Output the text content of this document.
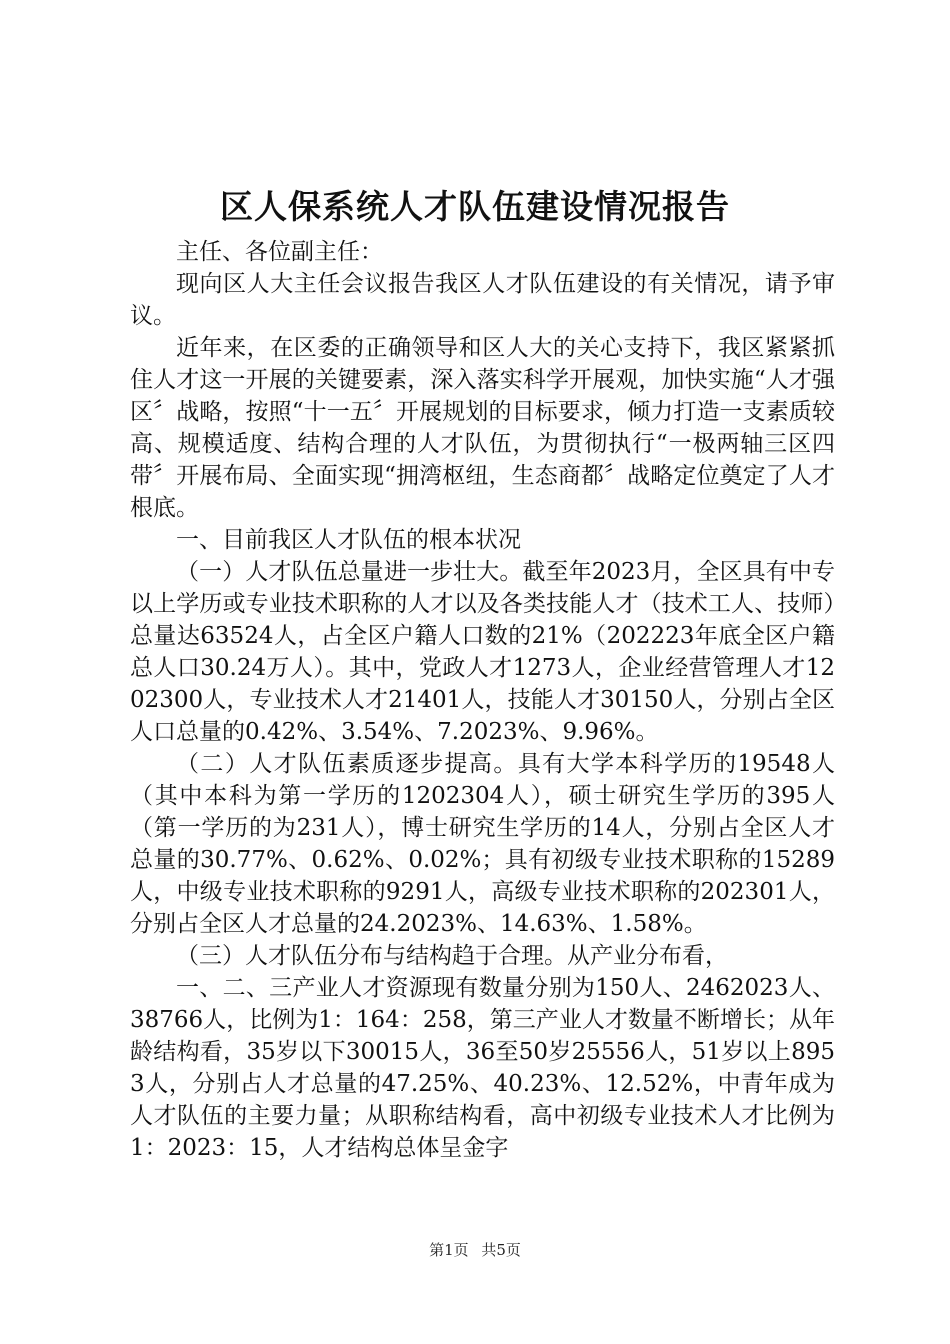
区人保系统人才队伍建设情况报告

主任、各位副主任：

现向区人大主任会议报告我区人才队伍建设的有关情况，请予审议。

近年来，在区委的正确领导和区人大的关心支持下，我区紧紧抓住人才这一开展的关键要素，深入落实科学开展观，加快实施“人才强区〞战略，按照“十一五〞开展规划的目标要求，倾力打造一支素质较高、规模适度、结构合理的人才队伍，为贯彻执行“一极两轴三区四带〞开展布局、全面实现“拥湾枢纽，生态商都〞战略定位奠定了人才根底。

一、目前我区人才队伍的根本状况

（一）人才队伍总量进一步壮大。截至年2023月，全区具有中专以上学历或专业技术职称的人才以及各类技能人才（技术工人、技师）总量达63524人，占全区户籍人口数的21%（202223年底全区户籍总人口30.24万人）。其中，党政人才1273人，企业经营管理人才1202300人，专业技术人才21401人，技能人才30150人，分别占全区人口总量的0.42%、3.54%、7.2023%、9.96%。

（二）人才队伍素质逐步提高。具有大学本科学历的19548人（其中本科为第一学历的1202304人），硕士研究生学历的395人（第一学历的为231人），博士研究生学历的14人，分别占全区人才总量的30.77%、0.62%、0.02%；具有初级专业技术职称的15289人，中级专业技术职称的9291人，高级专业技术职称的202301人，分别占全区人才总量的24.2023%、14.63%、1.58%。

（三）人才队伍分布与结构趋于合理。从产业分布看，

一、二、三产业人才资源现有数量分别为150人、2462023人、38766人，比例为1：164：258，第三产业人才数量不断增长；从年龄结构看，35岁以下30015人，36至50岁25556人，51岁以上8953人，分别占人才总量的47.25%、40.23%、12.52%，中青年成为人才队伍的主要力量；从职称结构看，高中初级专业技术人才比例为1：2023：15，人才结构总体呈金字

第1页 共5页
